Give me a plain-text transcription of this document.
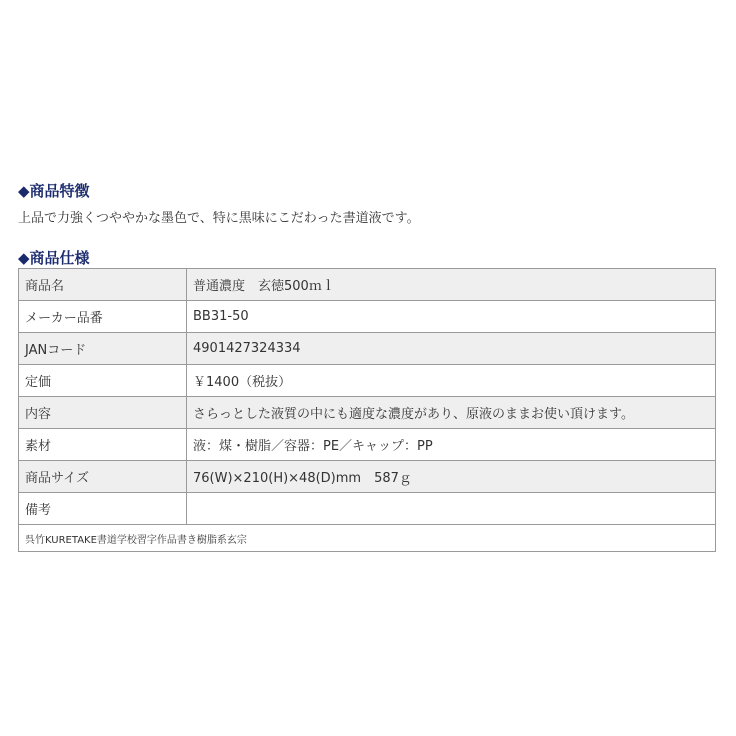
◆商品特徴
上品で力強くつややかな墨色で、特に黒味にこだわった書道液です。
◆商品仕様
商品名	普通濃度　玄徳500ｍｌ
メーカー品番	BB31-50
JANコード	4901427324334
定価	￥1400（税抜）
内容	さらっとした液質の中にも適度な濃度があり、原液のままお使い頂けます。
素材	液：煤・樹脂／容器：PE／キャップ：PP
商品サイズ	76(W)×210(H)×48(D)mm　587ｇ
備考	
呉竹KURETAKE書道学校習字作品書き樹脂系玄宗	
